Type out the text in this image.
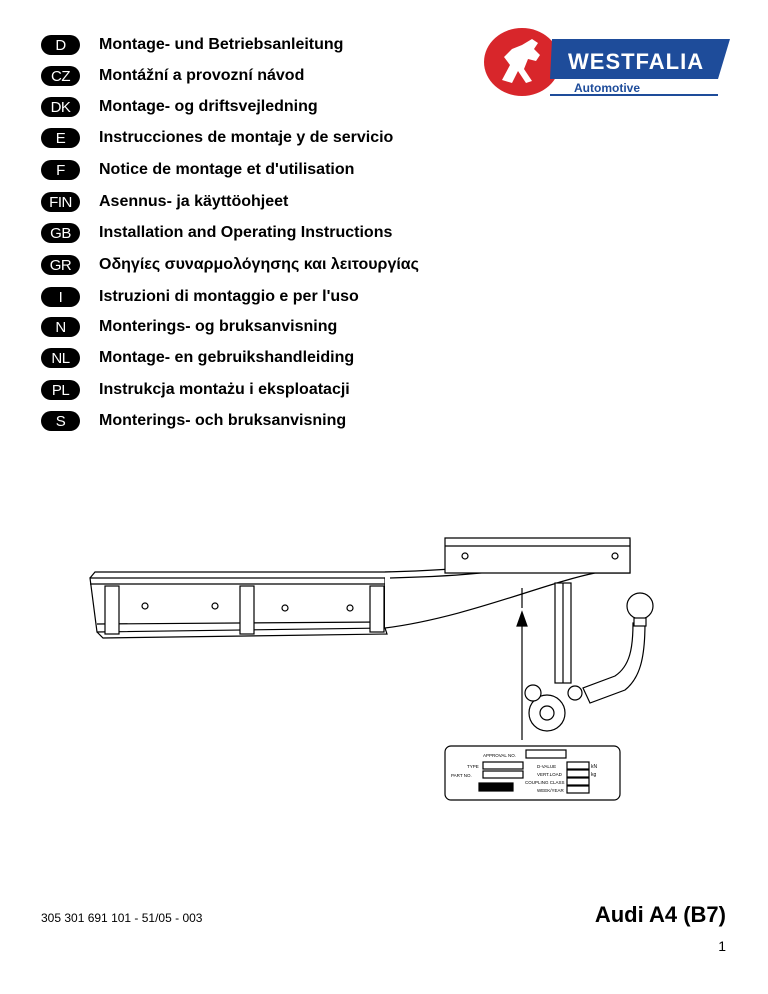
D	Montage- und Betriebsanleitung
CZ	Montážní a provozní návod
DK	Montage- og driftsvejledning
E	Instrucciones de montaje y de servicio
F	Notice de montage et d'utilisation
FIN	Asennus- ja käyttöohjeet
GB	Installation and Operating Instructions
GR	Οδηγίες συναρμολόγησης και λειτουργίας
I	Istruzioni di montaggio e per l'uso
N	Monterings- og bruksanvisning
NL	Montage- en gebruikshandleiding
PL	Instrukcja montażu i eksploatacji
S	Monterings- och bruksanvisning
WESTFALIA
Automotive
APPROVAL NO.
TYPE
PART NO.
D-VALUE
VERT.LOAD
COUPLING CLASS
WEEK/YEAR
kN
kg
305 301 691 101 - 51/05 - 003	Audi A4 (B7)
1
